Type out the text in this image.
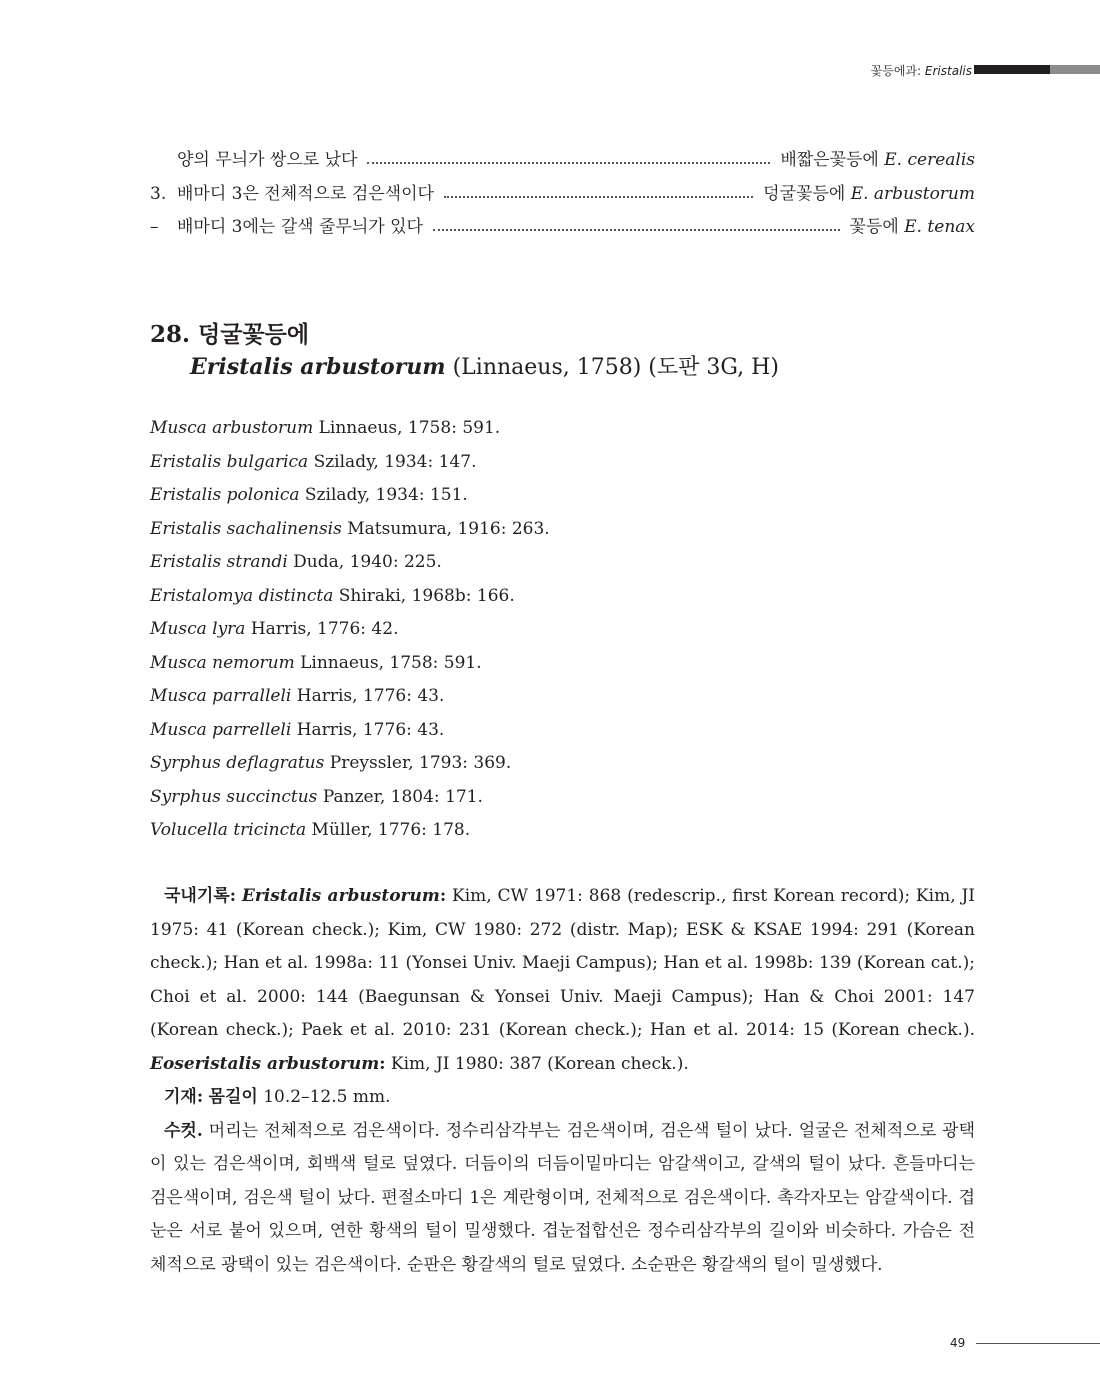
꽃등에과: Eristalis
양의 무늬가 쌍으로 났다	배짧은꽃등에 E. cerealis
3. 배마디 3은 전체적으로 검은색이다	덩굴꽃등에 E. arbustorum
–	배마디 3에는 갈색 줄무늬가 있다	꽃등에 E. tenax
28. 덩굴꽃등에
Eristalis arbustorum (Linnaeus, 1758) (도판 3G, H)
Musca arbustorum Linnaeus, 1758: 591.
Eristalis bulgarica Szilady, 1934: 147.
Eristalis polonica Szilady, 1934: 151.
Eristalis sachalinensis Matsumura, 1916: 263.
Eristalis strandi Duda, 1940: 225.
Eristalomya distincta Shiraki, 1968b: 166.
Musca lyra Harris, 1776: 42.
Musca nemorum Linnaeus, 1758: 591.
Musca parralleli Harris, 1776: 43.
Musca parrelleli Harris, 1776: 43.
Syrphus deflagratus Preyssler, 1793: 369.
Syrphus succinctus Panzer, 1804: 171.
Volucella tricincta Müller, 1776: 178.

국내기록: Eristalis arbustorum: Kim, CW 1971: 868 (redescrip., first Korean record); Kim, JI 1975: 41 (Korean check.); Kim, CW 1980: 272 (distr. Map); ESK & KSAE 1994: 291 (Korean check.); Han et al. 1998a: 11 (Yonsei Univ. Maeji Campus); Han et al. 1998b: 139 (Korean cat.); Choi et al. 2000: 144 (Baegunsan & Yonsei Univ. Maeji Campus); Han & Choi 2001: 147 (Korean check.); Paek et al. 2010: 231 (Korean check.); Han et al. 2014: 15 (Korean check.). Eoseristalis arbustorum: Kim, JI 1980: 387 (Korean check.).

기재: 몸길이 10.2–12.5 mm.

수컷. 머리는 전체적으로 검은색이다. 정수리삼각부는 검은색이며, 검은색 털이 났다. 얼굴은 전체적으로 광택이 있는 검은색이며, 회백색 털로 덮였다. 더듬이의 더듬이밑마디는 암갈색이고, 갈색의 털이 났다. 흔들마디는 검은색이며, 검은색 털이 났다. 편절소마디 1은 계란형이며, 전체적으로 검은색이다. 촉각자모는 암갈색이다. 겹눈은 서로 붙어 있으며, 연한 황색의 털이 밀생했다. 겹눈접합선은 정수리삼각부의 길이와 비슷하다. 가슴은 전체적으로 광택이 있는 검은색이다. 순판은 황갈색의 털로 덮였다. 소순판은 황갈색의 털이 밀생했다.

49
